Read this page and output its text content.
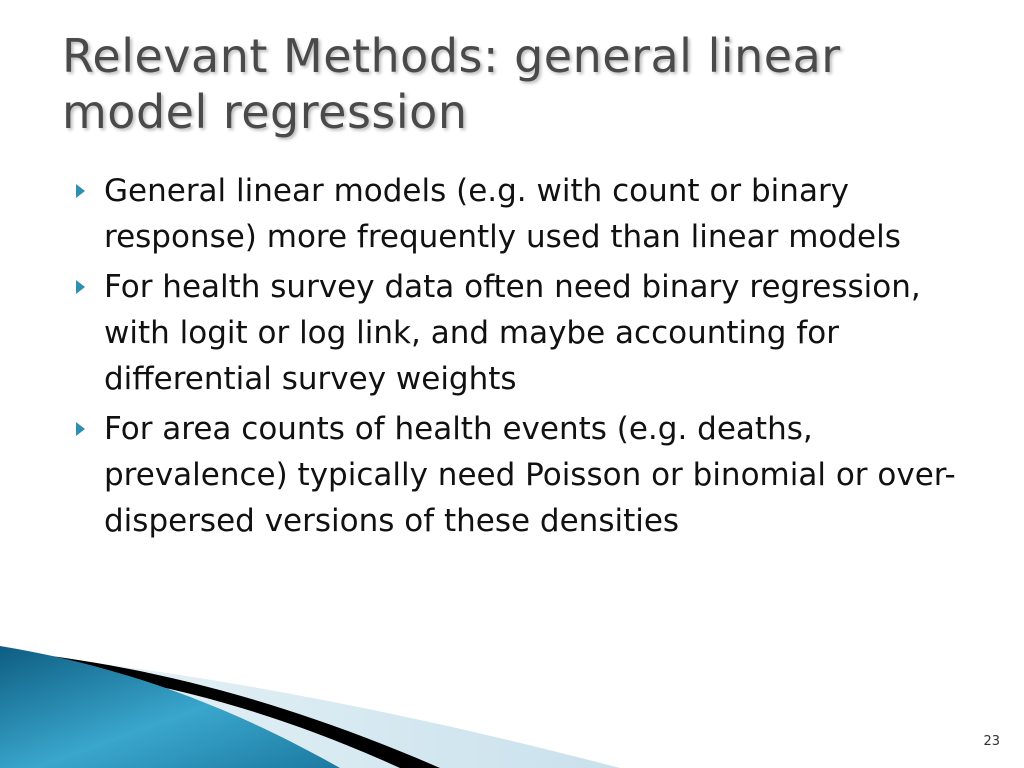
Relevant Methods: general linear model regression
General linear models (e.g. with count or binary response) more frequently used than linear models
For health survey data often need binary regression, with logit or log link, and maybe accounting for differential survey weights
For area counts of health events (e.g. deaths, prevalence) typically need Poisson or binomial or over-dispersed versions of these densities
23
